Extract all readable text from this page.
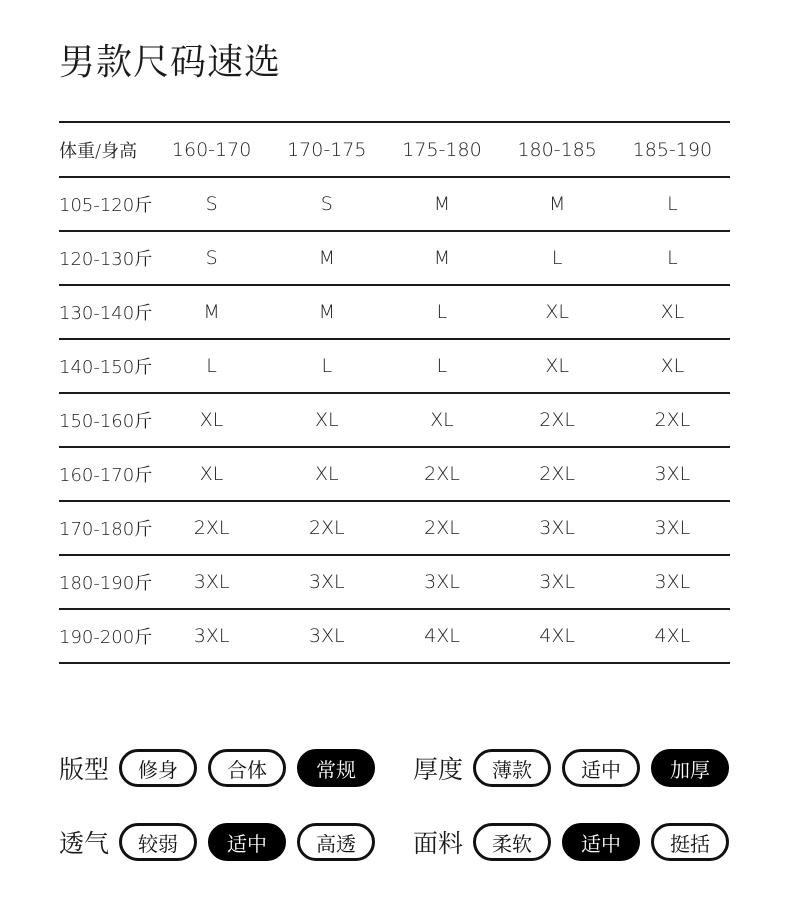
男款尺码速选
体重/身高	160-170	170-175	175-180	180-185	185-190
105-120斤	S	S	M	M	L
120-130斤	S	M	M	L	L
130-140斤	M	M	L	XL	XL
140-150斤	L	L	L	XL	XL
150-160斤	XL	XL	XL	2XL	2XL
160-170斤	XL	XL	2XL	2XL	3XL
170-180斤	2XL	2XL	2XL	3XL	3XL
180-190斤	3XL	3XL	3XL	3XL	3XL
190-200斤	3XL	3XL	4XL	4XL	4XL
版型	修身	合体	常规	厚度	薄款	适中	加厚
透气	较弱	适中	高透	面料	柔软	适中	挺括
